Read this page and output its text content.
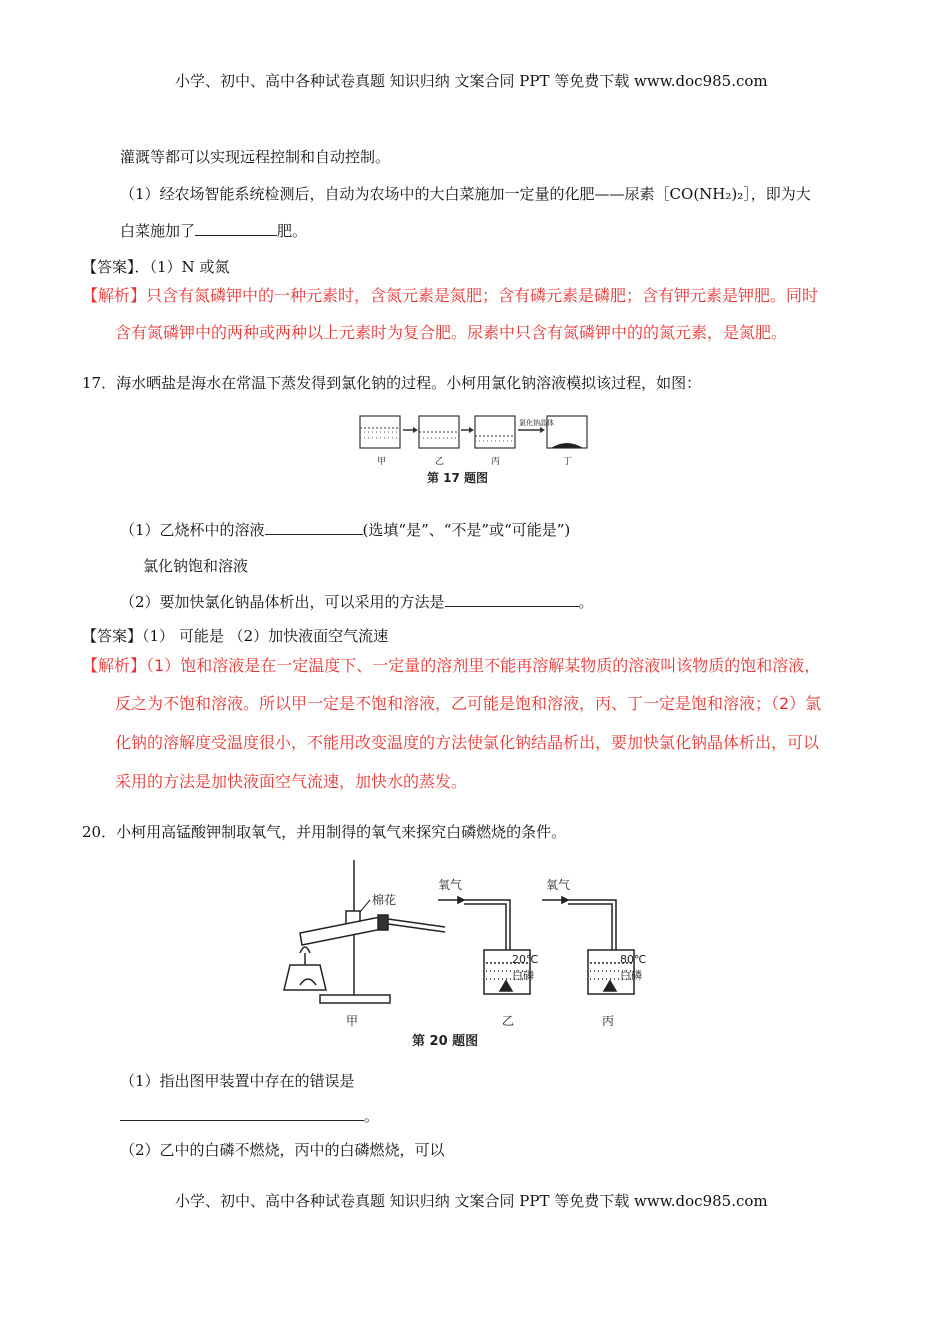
小学、初中、高中各种试卷真题 知识归纳 文案合同 PPT 等免费下载 www.doc985.com
灌溉等都可以实现远程控制和自动控制。
（1）经农场智能系统检测后，自动为农场中的大白菜施加一定量的化肥——尿素［CO(NH₂)₂］，即为大
白菜施加了	肥。
【答案】．（1）N 或氮
【解析】只含有氮磷钾中的一种元素时，含氮元素是氮肥；含有磷元素是磷肥；含有钾元素是钾肥。同时
含有氮磷钾中的两种或两种以上元素时为复合肥。尿素中只含有氮磷钾中的的氮元素，是氮肥。
17．海水晒盐是海水在常温下蒸发得到氯化钠的过程。小柯用氯化钠溶液模拟该过程，如图：
氯化钠晶体
甲	乙	丙	丁
第 17 题图
（1）乙烧杯中的溶液	(选填“是”、“不是”或“可能是”)
氯化钠饱和溶液
（2）要加快氯化钠晶体析出，可以采用的方法是	。
【答案】（1） 可能是 （2）加快液面空气流速
【解析】（1）饱和溶液是在一定温度下、一定量的溶剂里不能再溶解某物质的溶液叫该物质的饱和溶液，
反之为不饱和溶液。所以甲一定是不饱和溶液，乙可能是饱和溶液，丙、丁一定是饱和溶液；（2）氯
化钠的溶解度受温度很小，不能用改变温度的方法使氯化钠结晶析出，要加快氯化钠晶体析出，可以
采用的方法是加快液面空气流速，加快水的蒸发。
20．小柯用高锰酸钾制取氧气，并用制得的氧气来探究白磷燃烧的条件。
棉花
甲
氧气
20℃
白磷
乙
氧气
80℃
白磷
丙
第 20 题图
（1）指出图甲装置中存在的错误是
。
（2）乙中的白磷不燃烧，丙中的白磷燃烧，可以
小学、初中、高中各种试卷真题 知识归纳 文案合同 PPT 等免费下载 www.doc985.com
